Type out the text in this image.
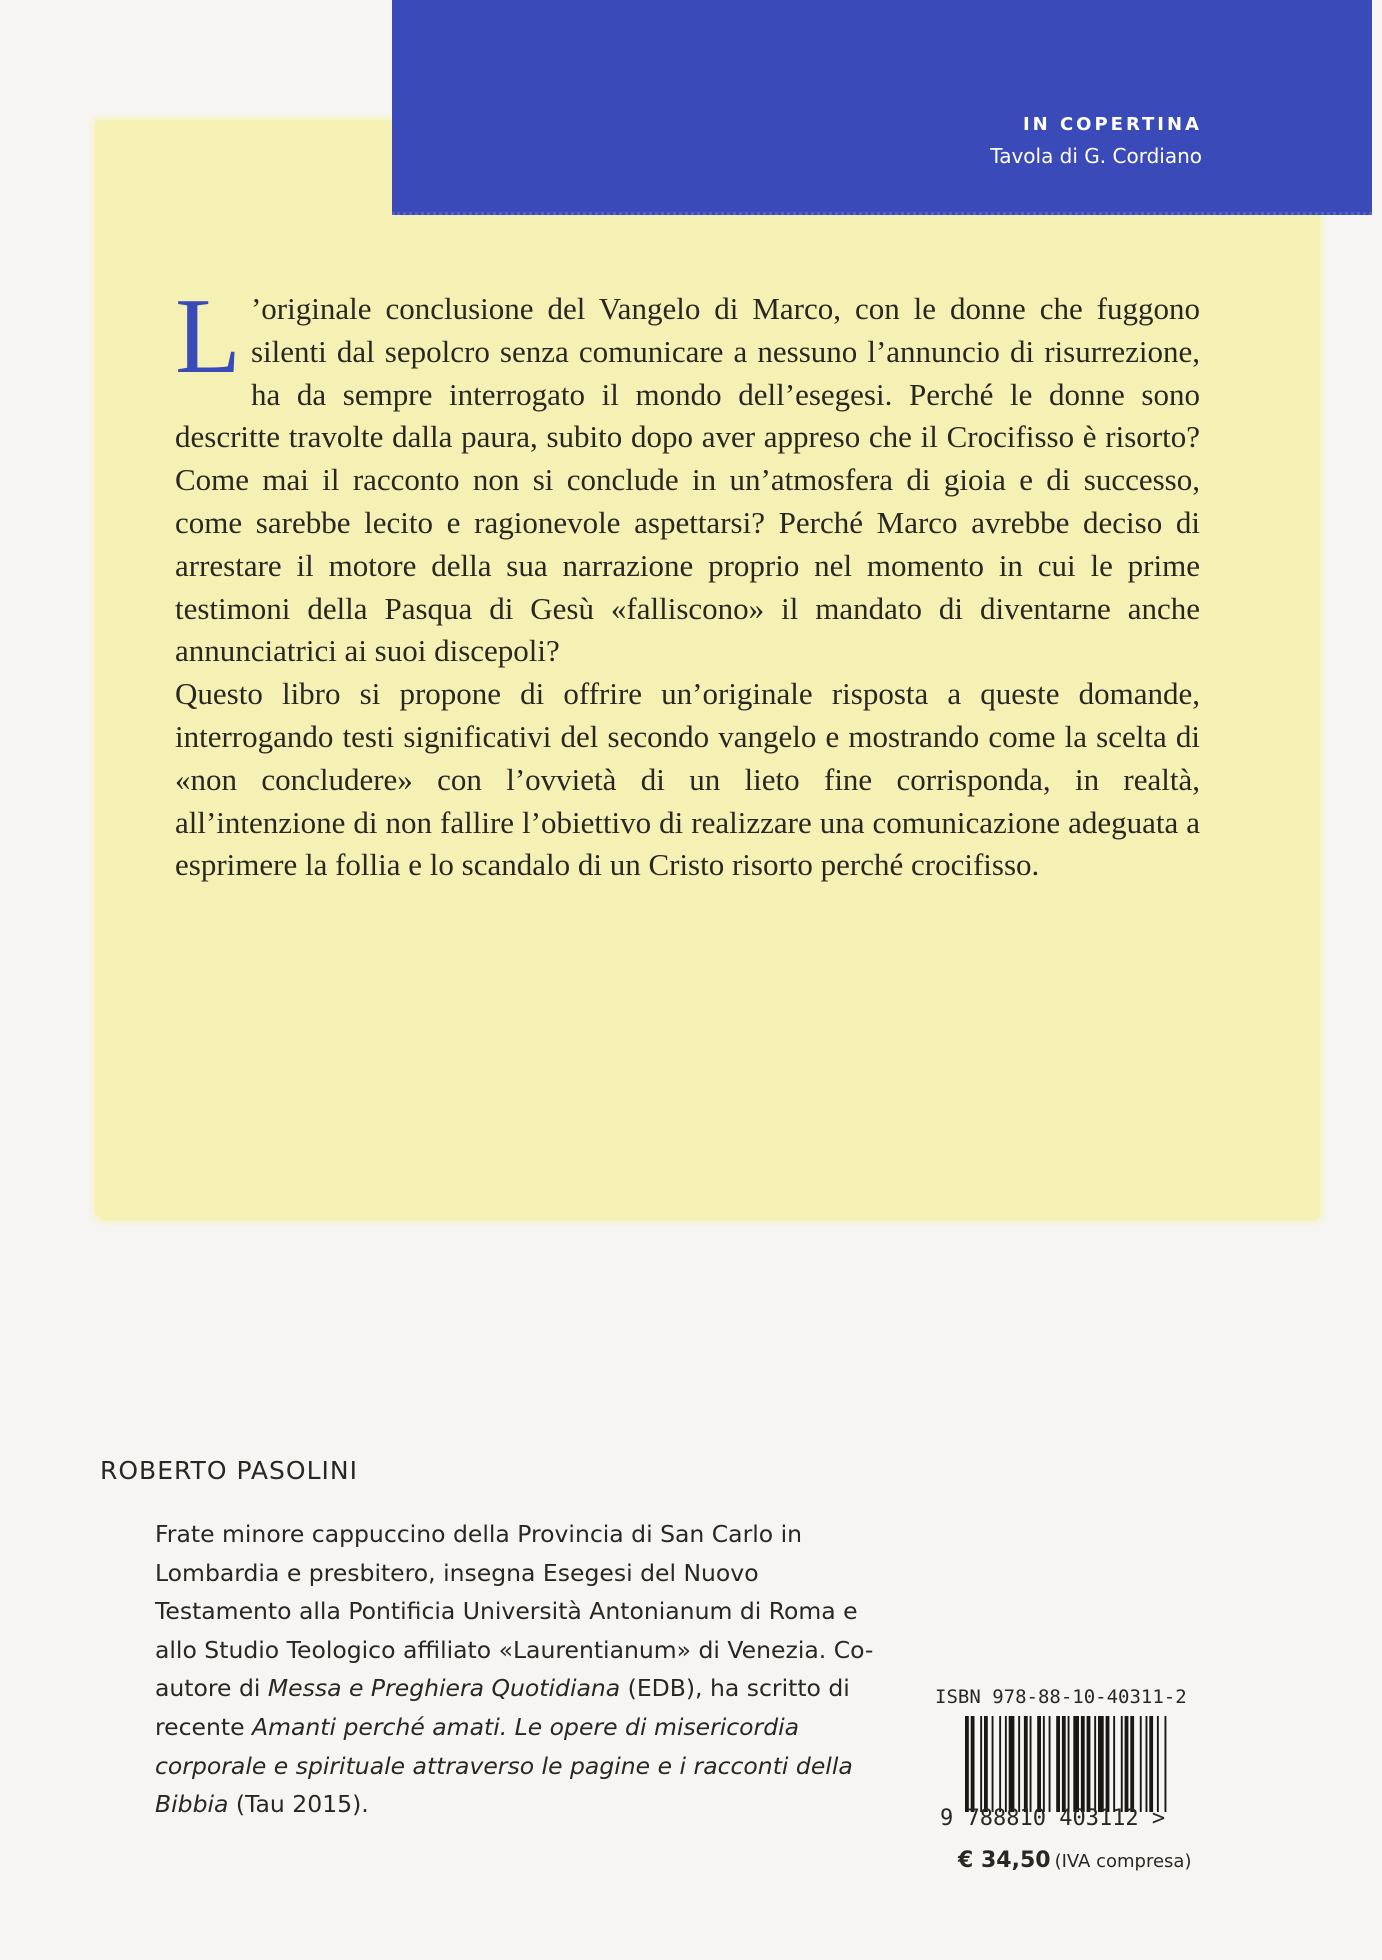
IN COPERTINA
Tavola di G. Cordiano

L ’originale conclusione del Vangelo di Marco, con le donne che fuggono silenti dal sepolcro senza comunicare a nessuno l’annuncio di risurrezione, ha da sempre interrogato il mondo dell’esegesi. Perché le donne sono descritte travolte dalla paura, subito dopo aver appreso che il Crocifisso è risorto? Come mai il racconto non si conclude in un’atmosfera di gioia e di successo, come sarebbe lecito e ragionevole aspettarsi? Perché Marco avrebbe deciso di arrestare il motore della sua narrazione proprio nel momento in cui le prime testimoni della Pasqua di Gesù «falliscono» il mandato di diventarne anche annunciatrici ai suoi discepoli?

Questo libro si propone di offrire un’originale risposta a queste domande, interrogando testi significativi del secondo vangelo e mostrando come la scelta di «non concludere» con l’ovvietà di un lieto fine corrisponda, in realtà, all’intenzione di non fallire l’obiettivo di realizzare una comunicazione adeguata a esprimere la follia e lo scandalo di un Cristo risorto perché crocifisso.

ROBERTO PASOLINI
Frate minore cappuccino della Provincia di San Carlo in Lombardia e presbitero, insegna Esegesi del Nuovo Testamento alla Pontificia Università Antonianum di Roma e allo Studio Teologico affiliato «Laurentianum» di Venezia. Co-autore di Messa e Preghiera Quotidiana (EDB), ha scritto di recente Amanti perché amati. Le opere di misericordia corporale e spirituale attraverso le pagine e i racconti della Bibbia (Tau 2015).
ISBN 978-88-10-40311-2
9 788810 403112 >
€ 34,50 (IVA compresa)
